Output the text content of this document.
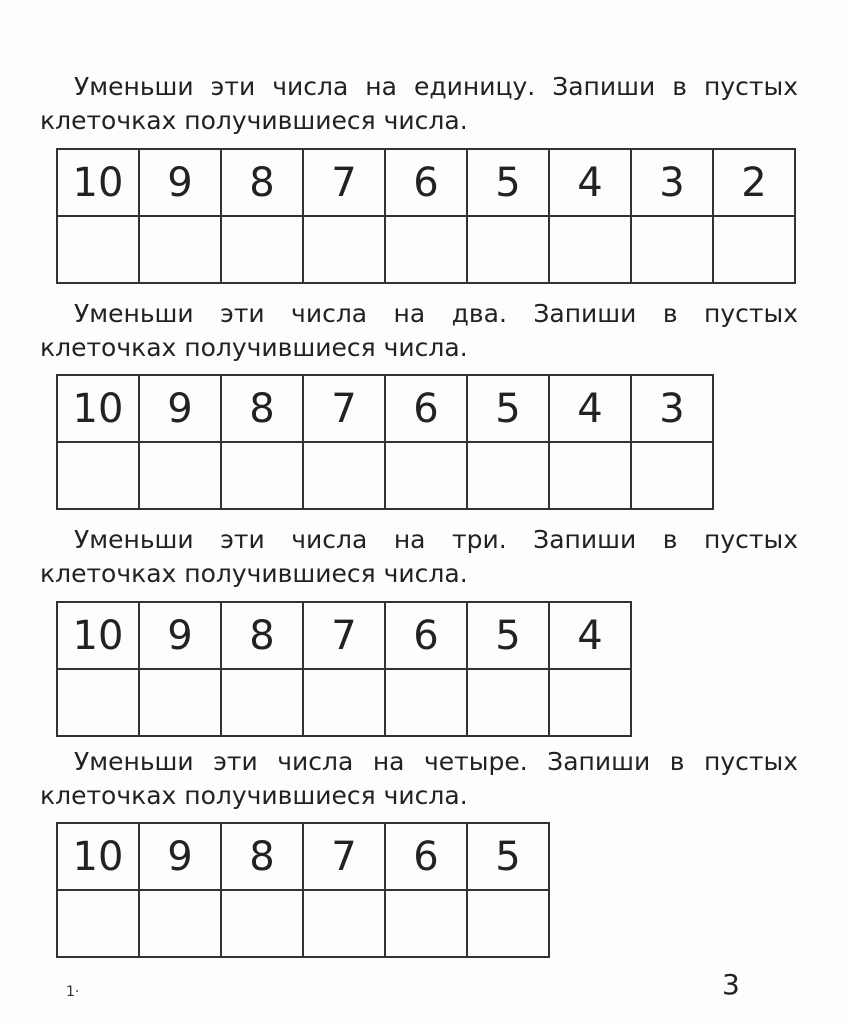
Уменьши эти числа на единицу. Запиши в пустых
клеточках получившиеся числа.
10	9	8	7	6	5	4	3	2

Уменьши эти числа на два. Запиши в пустых
клеточках получившиеся числа.
10	9	8	7	6	5	4	3

Уменьши эти числа на три. Запиши в пустых
клеточках получившиеся числа.
10	9	8	7	6	5	4

Уменьши эти числа на четыре. Запиши в пустых
клеточках получившиеся числа.
10	9	8	7	6	5

1·	3
